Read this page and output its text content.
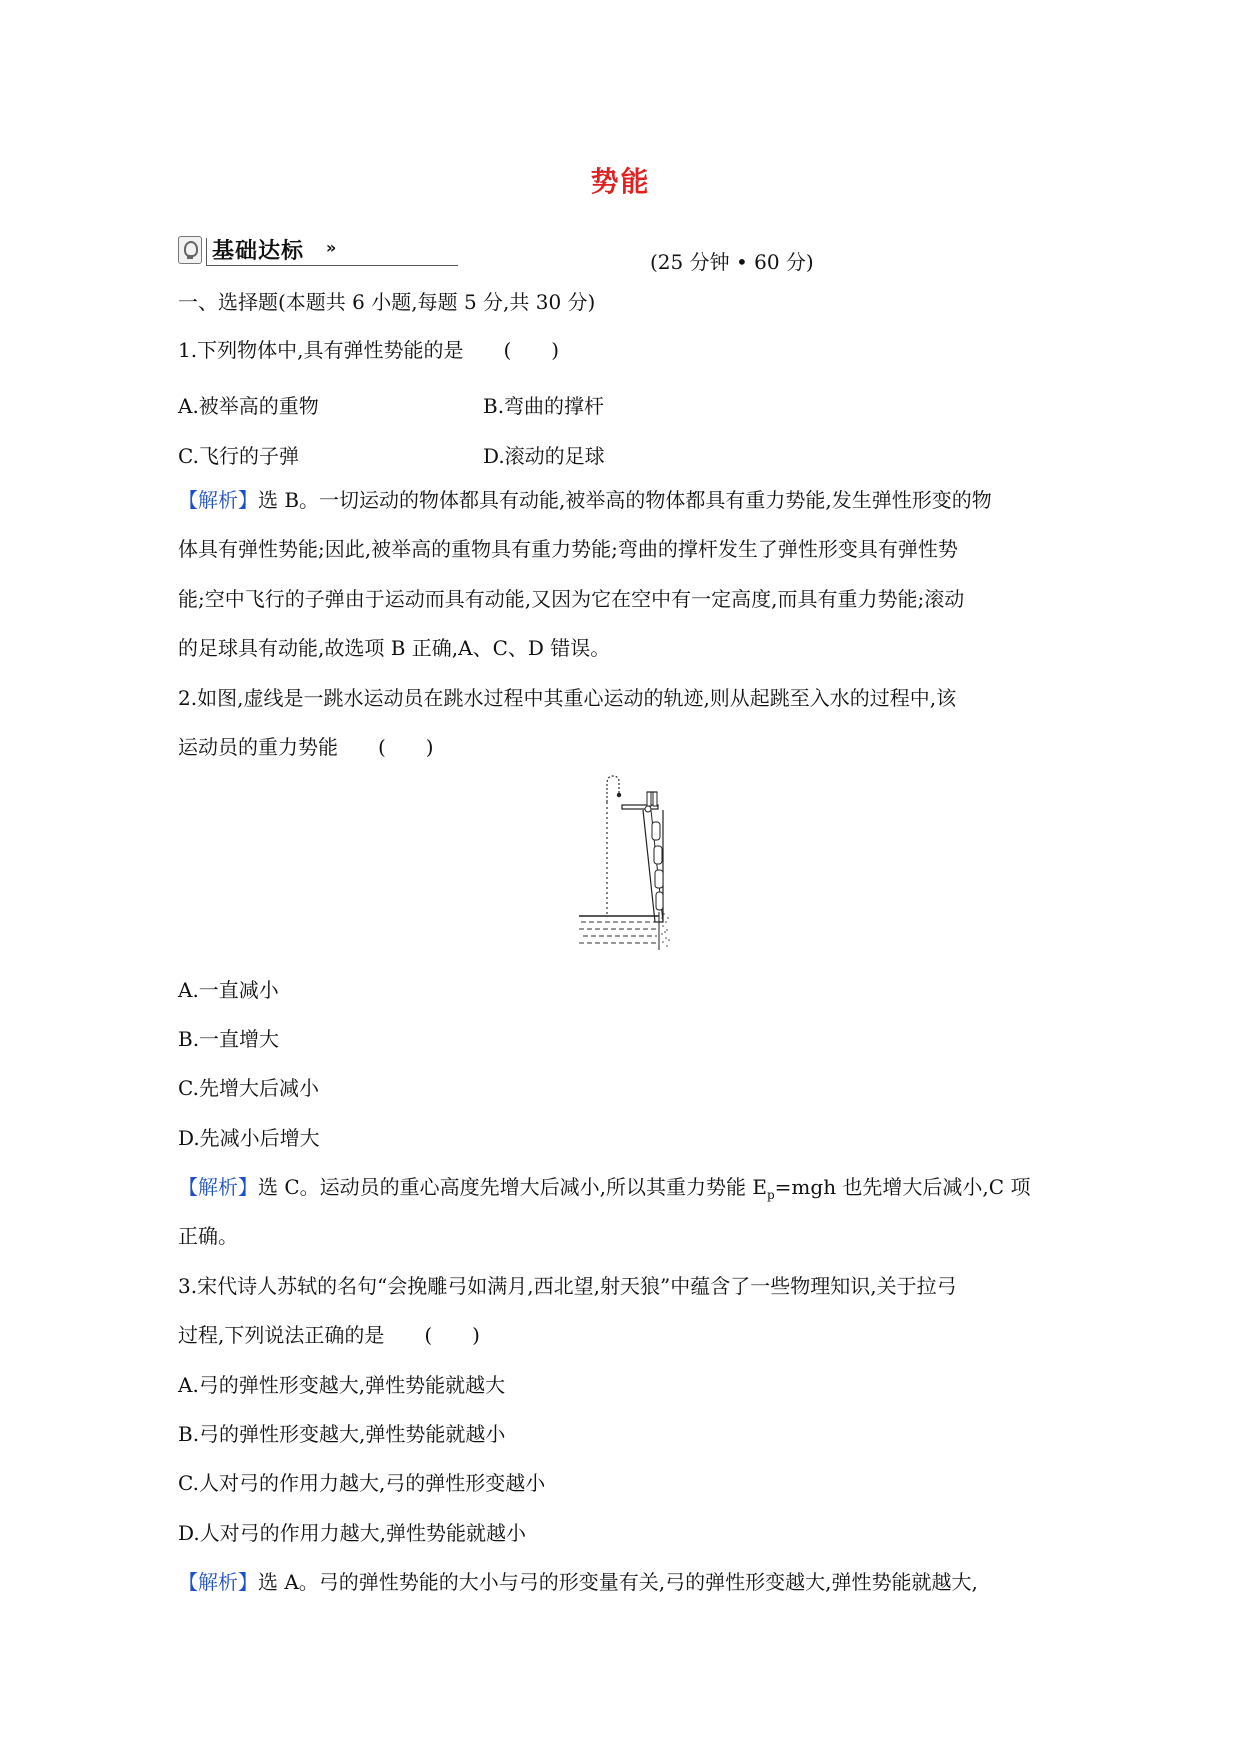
势能
基础达标 »
(25 分钟 • 60 分)
一、选择题(本题共 6 小题,每题 5 分,共 30 分)
1.下列物体中,具有弹性势能的是　　(　　)
A.被举高的重物	B.弯曲的撑杆
C.飞行的子弹	D.滚动的足球
【解析】选 B。一切运动的物体都具有动能,被举高的物体都具有重力势能,发生弹性形变的物
体具有弹性势能;因此,被举高的重物具有重力势能;弯曲的撑杆发生了弹性形变具有弹性势
能;空中飞行的子弹由于运动而具有动能,又因为它在空中有一定高度,而具有重力势能;滚动
的足球具有动能,故选项 B 正确,A、C、D 错误。
2.如图,虚线是一跳水运动员在跳水过程中其重心运动的轨迹,则从起跳至入水的过程中,该
运动员的重力势能　　(　　)
A.一直减小
B.一直增大
C.先增大后减小
D.先减小后增大
【解析】选 C。运动员的重心高度先增大后减小,所以其重力势能 $E_p=mgh$ 也先增大后减小,C 项
正确。
3.宋代诗人苏轼的名句“会挽雕弓如满月,西北望,射天狼”中蕴含了一些物理知识,关于拉弓
过程,下列说法正确的是　　(　　)
A.弓的弹性形变越大,弹性势能就越大
B.弓的弹性形变越大,弹性势能就越小
C.人对弓的作用力越大,弓的弹性形变越小
D.人对弓的作用力越大,弹性势能就越小
【解析】选 A。弓的弹性势能的大小与弓的形变量有关,弓的弹性形变越大,弹性势能就越大,
